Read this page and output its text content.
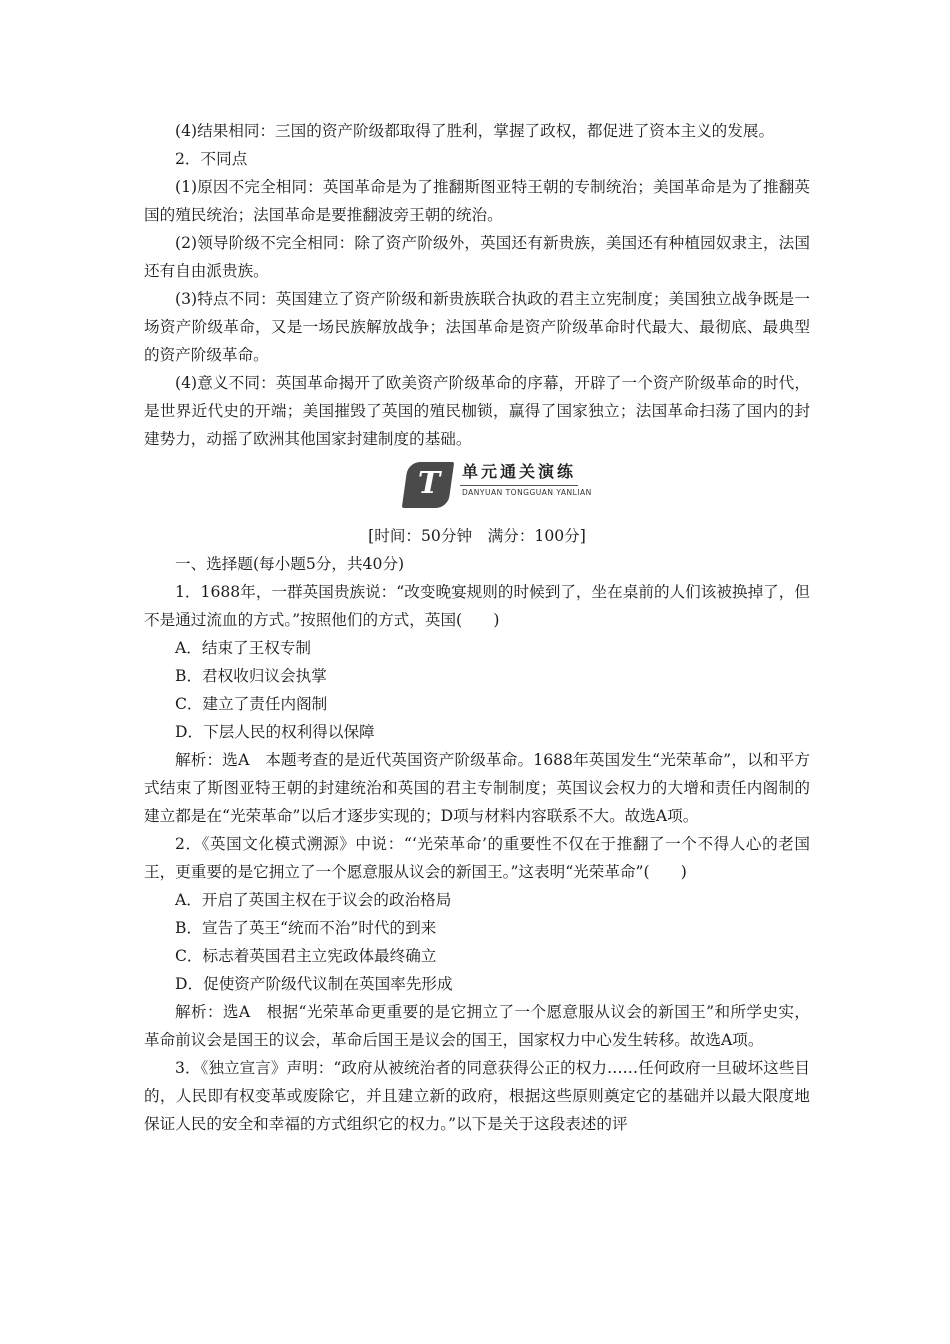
(4)结果相同：三国的资产阶级都取得了胜利，掌握了政权，都促进了资本主义的发展。

2．不同点

(1)原因不完全相同：英国革命是为了推翻斯图亚特王朝的专制统治；美国革命是为了推翻英国的殖民统治；法国革命是要推翻波旁王朝的统治。

(2)领导阶级不完全相同：除了资产阶级外，英国还有新贵族，美国还有种植园奴隶主，法国还有自由派贵族。

(3)特点不同：英国建立了资产阶级和新贵族联合执政的君主立宪制度；美国独立战争既是一场资产阶级革命，又是一场民族解放战争；法国革命是资产阶级革命时代最大、最彻底、最典型的资产阶级革命。

(4)意义不同：英国革命揭开了欧美资产阶级革命的序幕，开辟了一个资产阶级革命的时代，是世界近代史的开端；美国摧毁了英国的殖民枷锁，赢得了国家独立；法国革命扫荡了国内的封建势力，动摇了欧洲其他国家封建制度的基础。

T	单元通关演练
DANYUAN TONGGUAN YANLIAN

[时间：50分钟　满分：100分]

一、选择题(每小题5分，共40分)

1．1688年，一群英国贵族说：“改变晚宴规则的时候到了，坐在桌前的人们该被换掉了，但不是通过流血的方式。”按照他们的方式，英国(　　)

A．结束了王权专制

B．君权收归议会执掌

C．建立了责任内阁制

D．下层人民的权利得以保障

解析：选A　本题考查的是近代英国资产阶级革命。1688年英国发生“光荣革命”，以和平方式结束了斯图亚特王朝的封建统治和英国的君主专制制度；英国议会权力的大增和责任内阁制的建立都是在“光荣革命”以后才逐步实现的；D项与材料内容联系不大。故选A项。

2．《英国文化模式溯源》中说：“‘光荣革命’的重要性不仅在于推翻了一个不得人心的老国王，更重要的是它拥立了一个愿意服从议会的新国王。”这表明“光荣革命”(　　)

A．开启了英国主权在于议会的政治格局

B．宣告了英王“统而不治”时代的到来

C．标志着英国君主立宪政体最终确立

D．促使资产阶级代议制在英国率先形成

解析：选A　根据“光荣革命更重要的是它拥立了一个愿意服从议会的新国王”和所学史实，革命前议会是国王的议会，革命后国王是议会的国王，国家权力中心发生转移。故选A项。

3．《独立宣言》声明：“政府从被统治者的同意获得公正的权力……任何政府一旦破坏这些目的，人民即有权变革或废除它，并且建立新的政府，根据这些原则奠定它的基础并以最大限度地保证人民的安全和幸福的方式组织它的权力。”以下是关于这段表述的评
